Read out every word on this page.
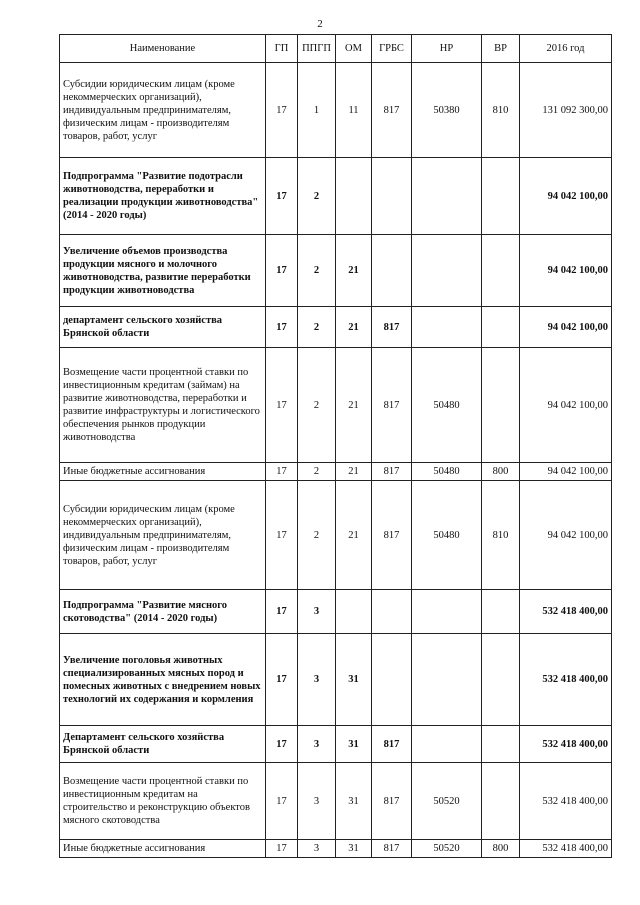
2
Наименование	ГП	ППГП	ОМ	ГРБС	НР	ВР	2016 год
Субсидии юридическим лицам (кроме некоммерческих организаций), индивидуальным предпринимателям, физическим лицам - производителям товаров, работ, услуг	17	1	11	817	50380	810	131 092 300,00
Подпрограмма "Развитие подотрасли животноводства, переработки и реализации продукции животноводства" (2014 - 2020 годы)	17	2					94 042 100,00
Увеличение объемов производства продукции мясного и молочного животноводства, развитие переработки продукции животноводства	17	2	21				94 042 100,00
департамент сельского хозяйства Брянской области	17	2	21	817			94 042 100,00
Возмещение части процентной ставки по инвестиционным кредитам (займам) на развитие животноводства, переработки и развитие инфраструктуры и логистического обеспечения рынков продукции животноводства	17	2	21	817	50480		94 042 100,00
Иные бюджетные ассигнования	17	2	21	817	50480	800	94 042 100,00
Субсидии юридическим лицам (кроме некоммерческих организаций), индивидуальным предпринимателям, физическим лицам - производителям товаров, работ, услуг	17	2	21	817	50480	810	94 042 100,00
Подпрограмма "Развитие мясного скотоводства" (2014 - 2020 годы)	17	3					532 418 400,00
Увеличение поголовья животных специализированных мясных пород и помесных животных с внедрением новых технологий их содержания и кормления	17	3	31				532 418 400,00
Департамент сельского хозяйства Брянской области	17	3	31	817			532 418 400,00
Возмещение части процентной ставки по инвестиционным кредитам на строительство и реконструкцию объектов мясного скотоводства	17	3	31	817	50520		532 418 400,00
Иные бюджетные ассигнования	17	3	31	817	50520	800	532 418 400,00
